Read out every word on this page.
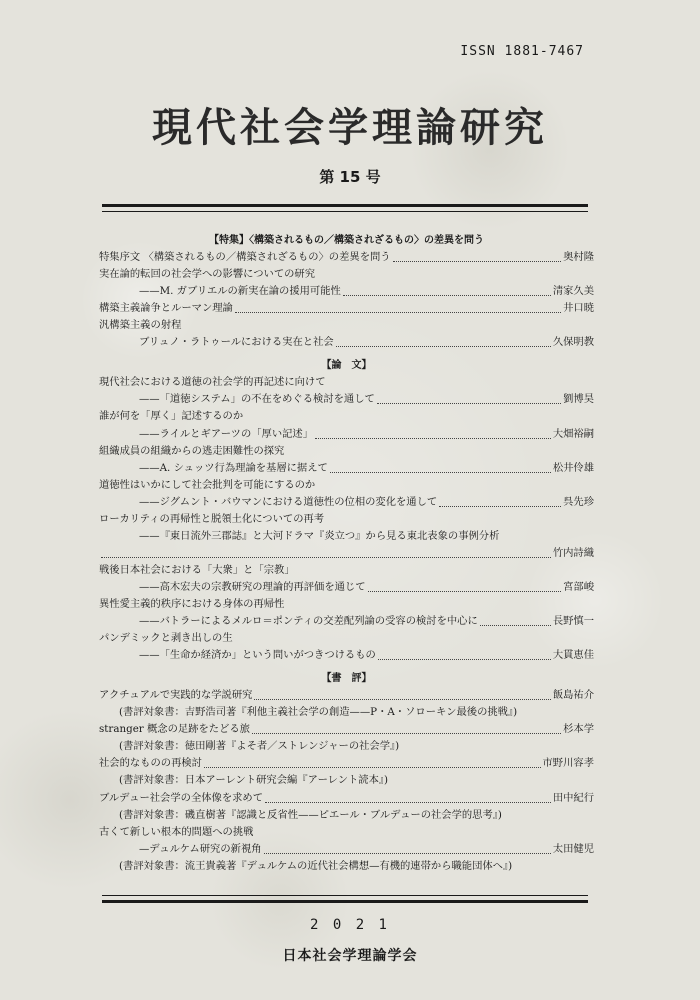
ISSN 1881-7467
現代社会学理論研究
第 15 号
【特集】〈構築されるもの／構築されざるもの〉の差異を問う
特集序文 〈構築されるもの／構築されざるもの〉の差異を問う	奥村隆
実在論的転回の社会学への影響についての研究
——M. ガブリエルの新実在論の援用可能性	清家久美
構築主義論争とルーマン理論	井口暁
汎構築主義の射程
ブリュノ・ラトゥールにおける実在と社会	久保明教
【論　文】
現代社会における道徳の社会学的再記述に向けて
——「道徳システム」の不在をめぐる検討を通して	劉博昊
誰が何を「厚く」記述するのか
——ライルとギアーツの「厚い記述」	大畑裕嗣
組織成員の組織からの逃走困難性の探究
——A. シュッツ行為理論を基層に据えて	松井伶雄
道徳性はいかにして社会批判を可能にするのか
——ジグムント・バウマンにおける道徳性の位相の変化を通して	呉先珍
ローカリティの再帰性と脱領土化についての再考
——『東日流外三郡誌』と大河ドラマ『炎立つ』から見る東北表象の事例分析
竹内詩織
戦後日本社会における「大衆」と「宗教」
——高木宏夫の宗教研究の理論的再評価を通じて	宮部峻
異性愛主義的秩序における身体の再帰性
——バトラーによるメルロ＝ポンティの交差配列論の受容の検討を中心に	長野慎一
パンデミックと剥き出しの生
——「生命か経済か」という問いがつきつけるもの	大貫恵佳
【書　評】
アクチュアルで実践的な学説研究	飯島祐介
(書評対象書：吉野浩司著『利他主義社会学の創造——P・A・ソローキン最後の挑戦』)
stranger 概念の足跡をたどる旅	杉本学
(書評対象書：徳田剛著『よそ者／ストレンジャーの社会学』)
社会的なものの再検討	市野川容孝
(書評対象書：日本アーレント研究会編『アーレント読本』)
ブルデュー社会学の全体像を求めて	田中紀行
(書評対象書：磯直樹著『認識と反省性——ピエール・ブルデューの社会学的思考』)
古くて新しい根本的問題への挑戦
—デュルケム研究の新視角	太田健児
(書評対象書：流王貴義著『デュルケムの近代社会構想—有機的連帯から職能団体へ』)
2 0 2 1
日本社会学理論学会
